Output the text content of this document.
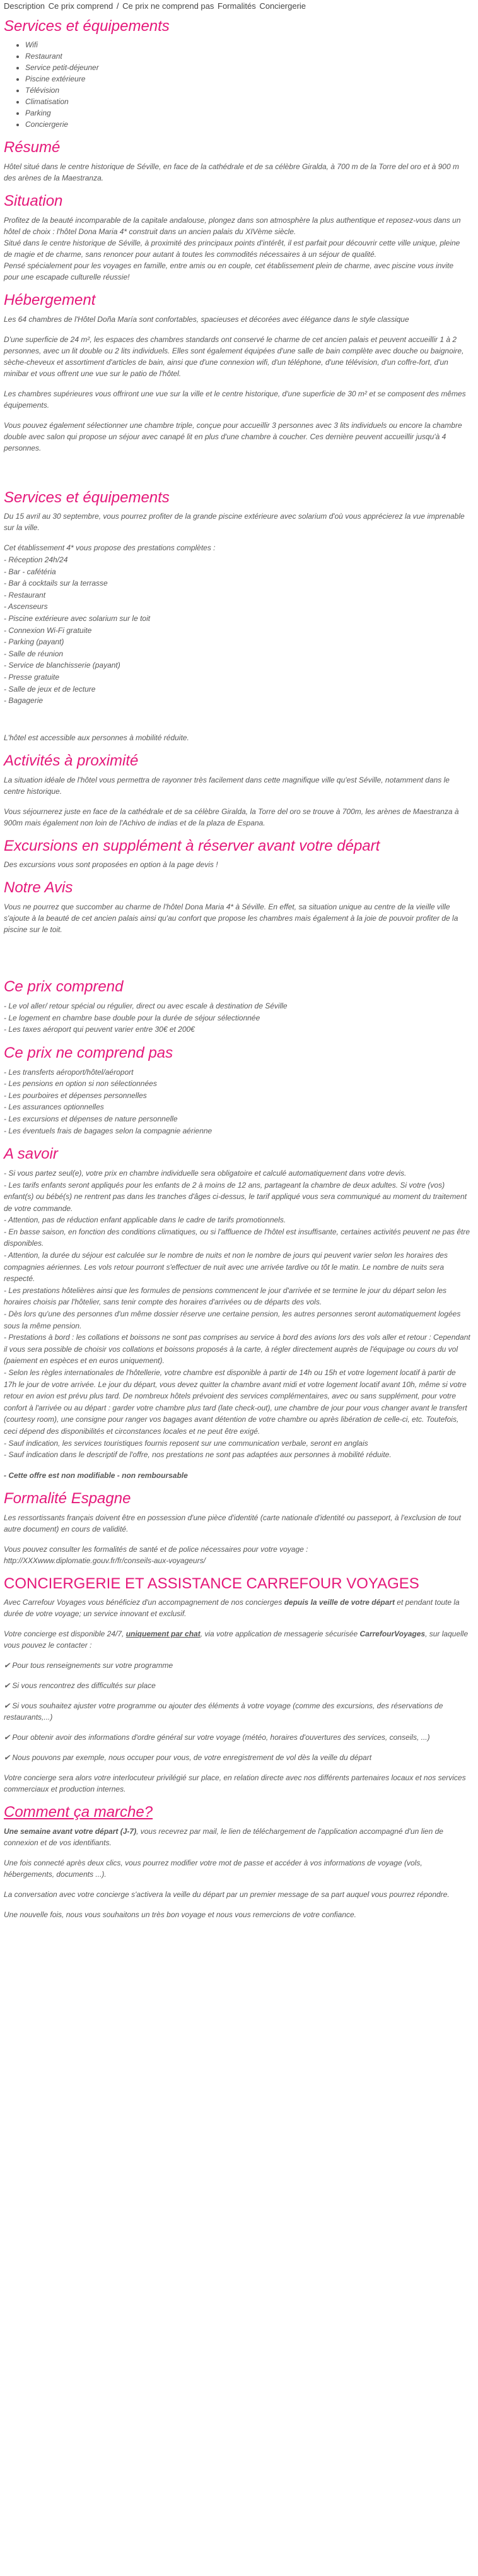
Description Ce prix comprend / Ce prix ne comprend pas Formalités Conciergerie
Services et équipements
• Wifi
• Restaurant
• Service petit-déjeuner
• Piscine extérieure
• Télévision
• Climatisation
• Parking
• Conciergerie
Résumé

Hôtel situé dans le centre historique de Séville, en face de la cathédrale et de sa célèbre Giralda, à 700 m de la Torre del oro et à 900 m des arènes de la Maestranza.

Situation

Profitez de la beauté incomparable de la capitale andalouse, plongez dans son atmosphère la plus authentique et reposez-vous dans un hôtel de choix : l'hôtel Dona Maria 4* construit dans un ancien palais du XIVème siècle.

Situé dans le centre historique de Séville, à proximité des principaux points d'intérêt, il est parfait pour découvrir cette ville unique, pleine de magie et de charme, sans renoncer pour autant à toutes les commodités nécessaires à un séjour de qualité.

Pensé spécialement pour les voyages en famille, entre amis ou en couple, cet établissement plein de charme, avec piscine vous invite pour une escapade culturelle réussie!

Hébergement

Les 64 chambres de l'Hôtel Doña María sont confortables, spacieuses et décorées avec élégance dans le style classique

D'une superficie de 24 m², les espaces des chambres standards ont conservé le charme de cet ancien palais et peuvent accueillir 1 à 2 personnes, avec un lit double ou 2 lits individuels. Elles sont également équipées d'une salle de bain complète avec douche ou baignoire, sèche-cheveux et assortiment d'articles de bain, ainsi que d'une connexion wifi, d'un téléphone, d'une télévision, d'un coffre-fort, d'un minibar et vous offrent une vue sur le patio de l'hôtel.

Les chambres supérieures vous offriront une vue sur la ville et le centre historique, d'une superficie de 30 m² et se composent des mêmes équipements.

Vous pouvez également sélectionner une chambre triple, conçue pour accueillir 3 personnes avec 3 lits individuels ou encore la chambre double avec salon qui propose un séjour avec canapé lit en plus d'une chambre à coucher. Ces dernière peuvent accueillir jusqu'à 4 personnes.

Services et équipements

Du 15 avril au 30 septembre, vous pourrez profiter de la grande piscine extérieure avec solarium d'où vous apprécierez la vue imprenable sur la ville.

Cet établissement 4* vous propose des prestations complètes :
- Réception 24h/24
- Bar - cafétéria
- Bar à cocktails sur la terrasse
- Restaurant
- Ascenseurs
- Piscine extérieure avec solarium sur le toit
- Connexion Wi-Fi gratuite
- Parking (payant)
- Salle de réunion
- Service de blanchisserie (payant)
- Presse gratuite
- Salle de jeux et de lecture
- Bagagerie

L'hôtel est accessible aux personnes à mobilité réduite.

Activités à proximité

La situation idéale de l'hôtel vous permettra de rayonner très facilement dans cette magnifique ville qu'est Séville, notamment dans le centre historique.

Vous séjournerez juste en face de la cathédrale et de sa célèbre Giralda, la Torre del oro se trouve à 700m, les arènes de Maestranza à 900m mais également non loin de l'Achivo de indias et de la plaza de Espana.

Excursions en supplément à réserver avant votre départ

Des excursions vous sont proposées en option à la page devis !

Notre Avis

Vous ne pourrez que succomber au charme de l'hôtel Dona Maria 4* à Séville. En effet, sa situation unique au centre de la vieille ville s'ajoute à la beauté de cet ancien palais ainsi qu'au confort que propose les chambres mais également à la joie de pouvoir profiter de la piscine sur le toit.

Ce prix comprend
- Le vol aller/ retour spécial ou régulier, direct ou avec escale à destination de Séville
- Le logement en chambre base double pour la durée de séjour sélectionnée
- Les taxes aéroport qui peuvent varier entre 30€ et 200€
Ce prix ne comprend pas
- Les transferts aéroport/hôtel/aéroport
- Les pensions en option si non sélectionnées
- Les pourboires et dépenses personnelles
- Les assurances optionnelles
- Les excursions et dépenses de nature personnelle
- Les éventuels frais de bagages selon la compagnie aérienne
A savoir
- Si vous partez seul(e), votre prix en chambre individuelle sera obligatoire et calculé automatiquement dans votre devis.
- Les tarifs enfants seront appliqués pour les enfants de 2 à moins de 12 ans, partageant la chambre de deux adultes. Si votre (vos) enfant(s) ou bébé(s) ne rentrent pas dans les tranches d'âges ci-dessus, le tarif appliqué vous sera communiqué au moment du traitement de votre commande.
- Attention, pas de réduction enfant applicable dans le cadre de tarifs promotionnels.
- En basse saison, en fonction des conditions climatiques, ou si l'affluence de l'hôtel est insuffisante, certaines activités peuvent ne pas être disponibles.
- Attention, la durée du séjour est calculée sur le nombre de nuits et non le nombre de jours qui peuvent varier selon les horaires des compagnies aériennes. Les vols retour pourront s'effectuer de nuit avec une arrivée tardive ou tôt le matin. Le nombre de nuits sera respecté.
- Les prestations hôtelières ainsi que les formules de pensions commencent le jour d'arrivée et se termine le jour du départ selon les horaires choisis par l'hôtelier, sans tenir compte des horaires d'arrivées ou de départs des vols.
- Dès lors qu'une des personnes d'un même dossier réserve une certaine pension, les autres personnes seront automatiquement logées sous la même pension.
- Prestations à bord : les collations et boissons ne sont pas comprises au service à bord des avions lors des vols aller et retour : Cependant il vous sera possible de choisir vos collations et boissons proposés à la carte, à régler directement auprès de l'équipage ou cours du vol (paiement en espèces et en euros uniquement).
- Selon les règles internationales de l'hôtellerie, votre chambre est disponible à partir de 14h ou 15h et votre logement locatif à partir de 17h le jour de votre arrivée. Le jour du départ, vous devez quitter la chambre avant midi et votre logement locatif avant 10h, même si votre retour en avion est prévu plus tard. De nombreux hôtels prévoient des services complémentaires, avec ou sans supplément, pour votre confort à l'arrivée ou au départ : garder votre chambre plus tard (late check-out), une chambre de jour pour vous changer avant le transfert (courtesy room), une consigne pour ranger vos bagages avant détention de votre chambre ou après libération de celle-ci, etc. Toutefois, ceci dépend des disponibilités et circonstances locales et ne peut être exigé.
- Sauf indication, les services touristiques fournis reposent sur une communication verbale, seront en anglais
- Sauf indication dans le descriptif de l'offre, nos prestations ne sont pas adaptées aux personnes à mobilité réduite.

- Cette offre est non modifiable - non remboursable

Formalité Espagne

Les ressortissants français doivent être en possession d'une pièce d'identité (carte nationale d'identité ou passeport, à l'exclusion de tout autre document) en cours de validité.

Vous pouvez consulter les formalités de santé et de police nécessaires pour votre voyage :

http://XXXwww.diplomatie.gouv.fr/fr/conseils-aux-voyageurs/

CONCIERGERIE ET ASSISTANCE CARREFOUR VOYAGES

Avec Carrefour Voyages vous bénéficiez d'un accompagnement de nos concierges depuis la veille de votre départ et pendant toute la durée de votre voyage; un service innovant et exclusif.

Votre concierge est disponible 24/7, uniquement par chat, via votre application de messagerie sécurisée CarrefourVoyages, sur laquelle vous pouvez le contacter :

✔ Pour tous renseignements sur votre programme

✔ Si vous rencontrez des difficultés sur place

✔ Si vous souhaitez ajuster votre programme ou ajouter des éléments à votre voyage (comme des excursions, des réservations de restaurants,...)

✔ Pour obtenir avoir des informations d'ordre général sur votre voyage (météo, horaires d'ouvertures des services, conseils, ...)

✔ Nous pouvons par exemple, nous occuper pour vous, de votre enregistrement de vol dès la veille du départ

Votre concierge sera alors votre interlocuteur privilégié sur place, en relation directe avec nos différents partenaires locaux et nos services commerciaux et production internes.

Comment ça marche?

Une semaine avant votre départ (J-7), vous recevrez par mail, le lien de téléchargement de l'application accompagné d'un lien de connexion et de vos identifiants.

Une fois connecté après deux clics, vous pourrez modifier votre mot de passe et accéder à vos informations de voyage (vols, hébergements, documents ...).

La conversation avec votre concierge s'activera la veille du départ par un premier message de sa part auquel vous pourrez répondre.

Une nouvelle fois, nous vous souhaitons un très bon voyage et nous vous remercions de votre confiance.
